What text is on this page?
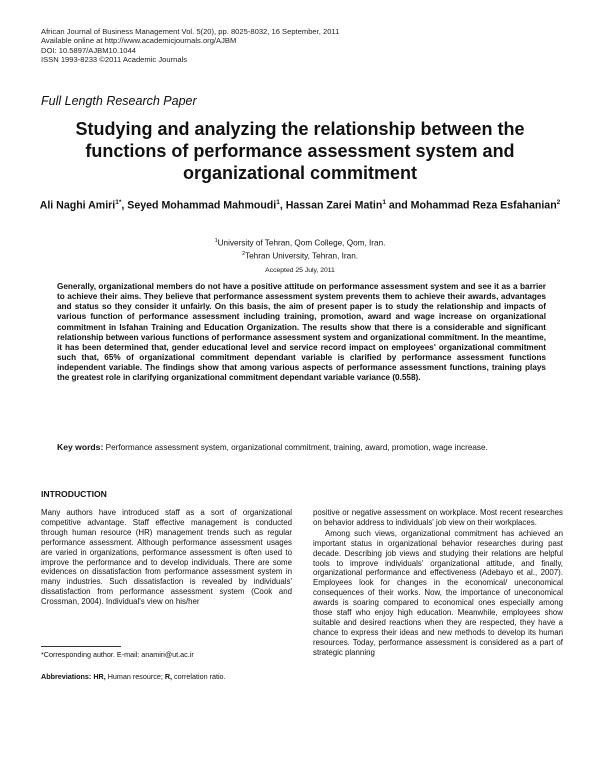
African Journal of Business Management Vol. 5(20), pp. 8025-8032, 16 September, 2011
Available online at http://www.academicjournals.org/AJBM
DOI: 10.5897/AJBM10.1044
ISSN 1993-8233 ©2011 Academic Journals
Full Length Research Paper
Studying and analyzing the relationship between the functions of performance assessment system and organizational commitment
Ali Naghi Amiri$^{1*}$, Seyed Mohammad Mahmoudi$^1$, Hassan Zarei Matin$^1$ and Mohammad Reza Esfahanian$^2$
$^1$University of Tehran, Qom College, Qom, Iran.
$^2$Tehran University, Tehran, Iran.
Accepted 25 July, 2011
Generally, organizational members do not have a positive attitude on performance assessment system and see it as a barrier to achieve their aims. They believe that performance assessment system prevents them to achieve their awards, advantages and status so they consider it unfairly. On this basis, the aim of present paper is to study the relationship and impacts of various function of performance assessment including training, promotion, award and wage increase on organizational commitment in Isfahan Training and Education Organization. The results show that there is a considerable and significant relationship between various functions of performance assessment system and organizational commitment. In the meantime, it has been determined that, gender educational level and service record impact on employees' organizational commitment such that, 65% of organizational commitment dependant variable is clarified by performance assessment functions independent variable. The findings show that among various aspects of performance assessment functions, training plays the greatest role in clarifying organizational commitment dependant variable variance (0.558).
Key words: Performance assessment system, organizational commitment, training, award, promotion, wage increase.
INTRODUCTION

Many authors have introduced staff as a sort of organizational competitive advantage. Staff effective management is conducted through human resource (HR) management trends such as regular performance assessment. Although performance assessment usages are varied in organizations, performance assessment is often used to improve the performance and to develop individuals. There are some evidences on dissatisfaction from performance assessment system in many industries. Such dissatisfaction is revealed by individuals' dissatisfaction from performance assessment system (Cook and Crossman, 2004). Individual's view on his/her

positive or negative assessment on workplace. Most recent researches on behavior address to individuals' job view on their workplaces.

Among such views, organizational commitment has achieved an important status in organizational behavior researches during past decade. Describing job views and studying their relations are helpful tools to improve individuals' organizational attitude, and finally, organizational performance and effectiveness (Adebayo et al., 2007). Employees look for changes in the economical/ uneconomical consequences of their works. Now, the importance of uneconomical awards is soaring compared to economical ones especially among those staff who enjoy high education. Meanwhile, employees show suitable and desired reactions when they are respected, they have a chance to express their ideas and new methods to develop its human resources. Today, performance assessment is considered as a part of strategic planning

*Corresponding author. E-mail: anamiri@ut.ac.ir
Abbreviations: HR, Human resource; R, correlation ratio.
